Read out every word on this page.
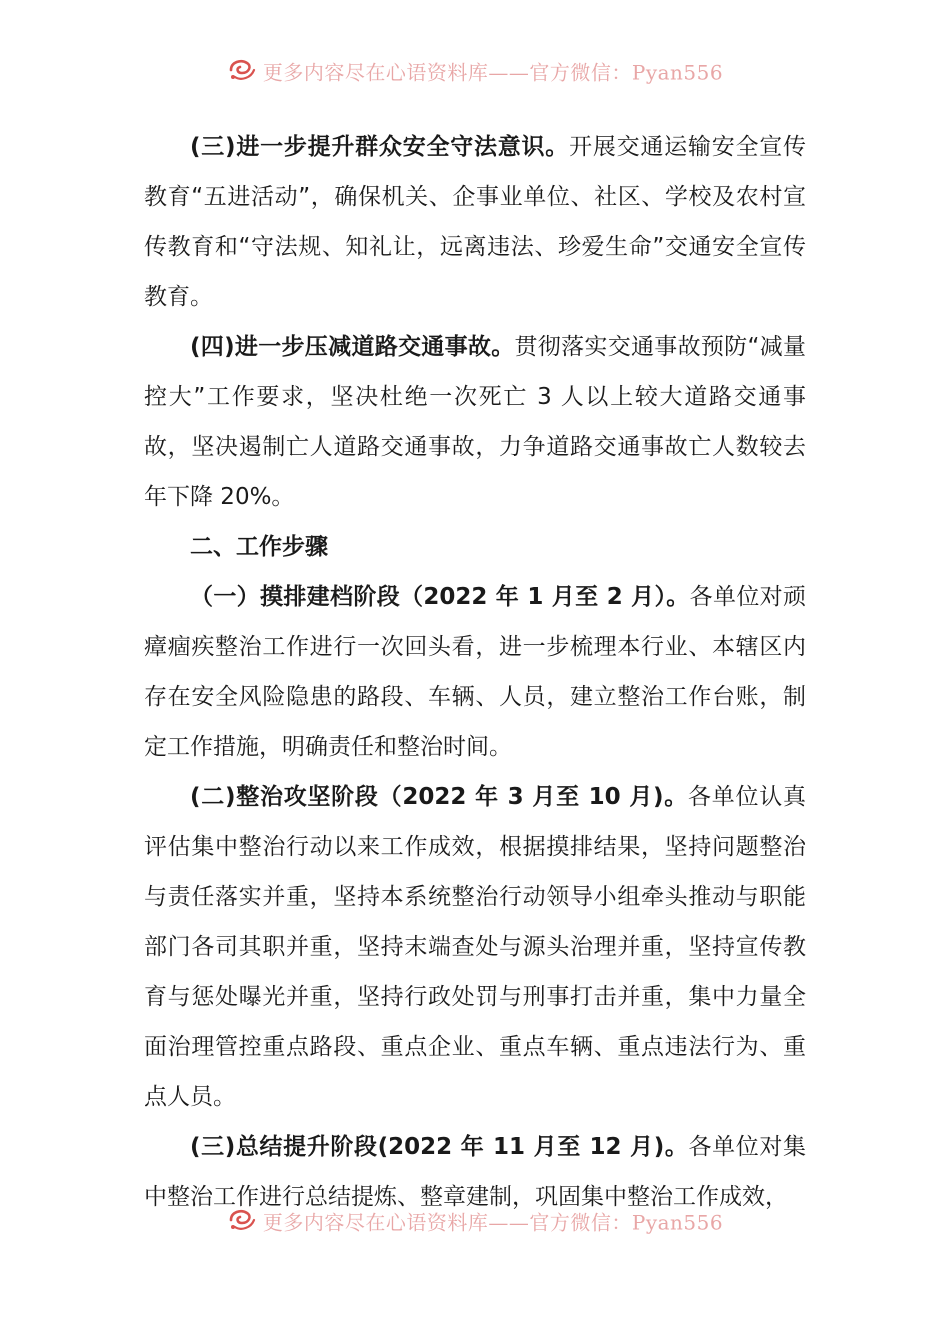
更多内容尽在心语资料库——官方微信：Pyan556

(三)进一步提升群众安全守法意识。开展交通运输安全宣传教育“五进活动”，确保机关、企事业单位、社区、学校及农村宣传教育和“守法规、知礼让，远离违法、珍爱生命”交通安全宣传教育。

(四)进一步压减道路交通事故。贯彻落实交通事故预防“减量控大”工作要求，坚决杜绝一次死亡 3 人以上较大道路交通事故，坚决遏制亡人道路交通事故，力争道路交通事故亡人数较去年下降 20%。

二、工作步骤

（一）摸排建档阶段（2022 年 1 月至 2 月）。各单位对顽瘴痼疾整治工作进行一次回头看，进一步梳理本行业、本辖区内存在安全风险隐患的路段、车辆、人员，建立整治工作台账，制定工作措施，明确责任和整治时间。

(二)整治攻坚阶段（2022 年 3 月至 10 月)。各单位认真评估集中整治行动以来工作成效，根据摸排结果，坚持问题整治与责任落实并重，坚持本系统整治行动领导小组牵头推动与职能部门各司其职并重，坚持末端查处与源头治理并重，坚持宣传教育与惩处曝光并重，坚持行政处罚与刑事打击并重，集中力量全面治理管控重点路段、重点企业、重点车辆、重点违法行为、重点人员。

(三)总结提升阶段(2022 年 11 月至 12 月)。各单位对集中整治工作进行总结提炼、整章建制，巩固集中整治工作成效，

更多内容尽在心语资料库——官方微信：Pyan556
